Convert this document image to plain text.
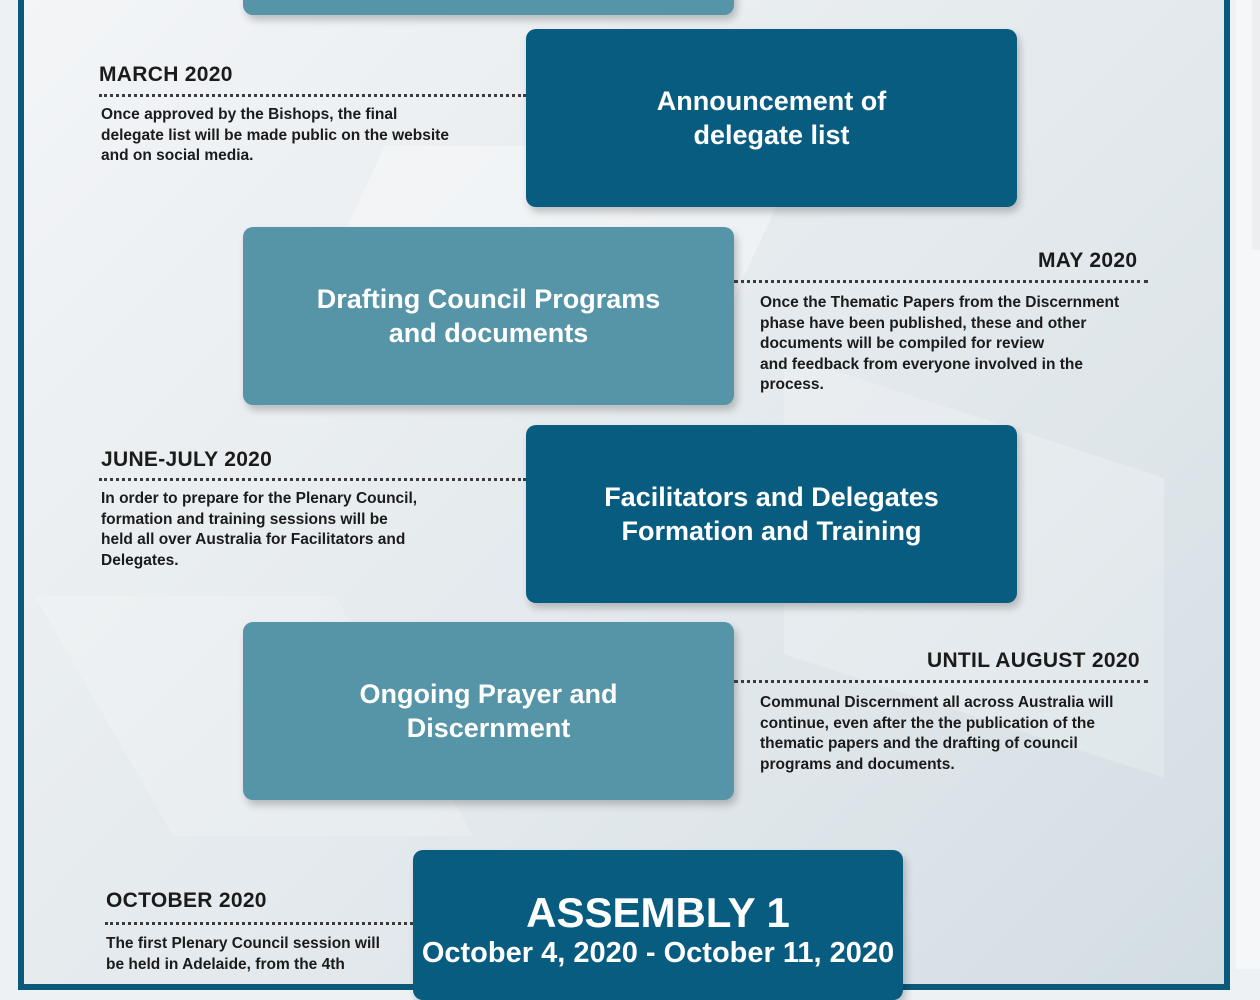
Announcement of
delegate list
MARCH 2020
Once approved by the Bishops, the final
delegate list will be made public on the website
and on social media.
Drafting Council Programs
and documents
MAY 2020
Once the Thematic Papers from the Discernment
phase have been published, these and other
documents will be compiled for review
and feedback from everyone involved in the
process.
Facilitators and Delegates
Formation and Training
JUNE-JULY 2020
In order to prepare for the Plenary Council,
formation and training sessions will be
held all over Australia for Facilitators and
Delegates.
Ongoing Prayer and
Discernment
UNTIL AUGUST 2020
Communal Discernment all across Australia will
continue, even after the the publication of the
thematic papers and the drafting of council
programs and documents.
ASSEMBLY 1
October 4, 2020 - October 11, 2020
OCTOBER 2020
The first Plenary Council session will
be held in Adelaide, from the 4th
